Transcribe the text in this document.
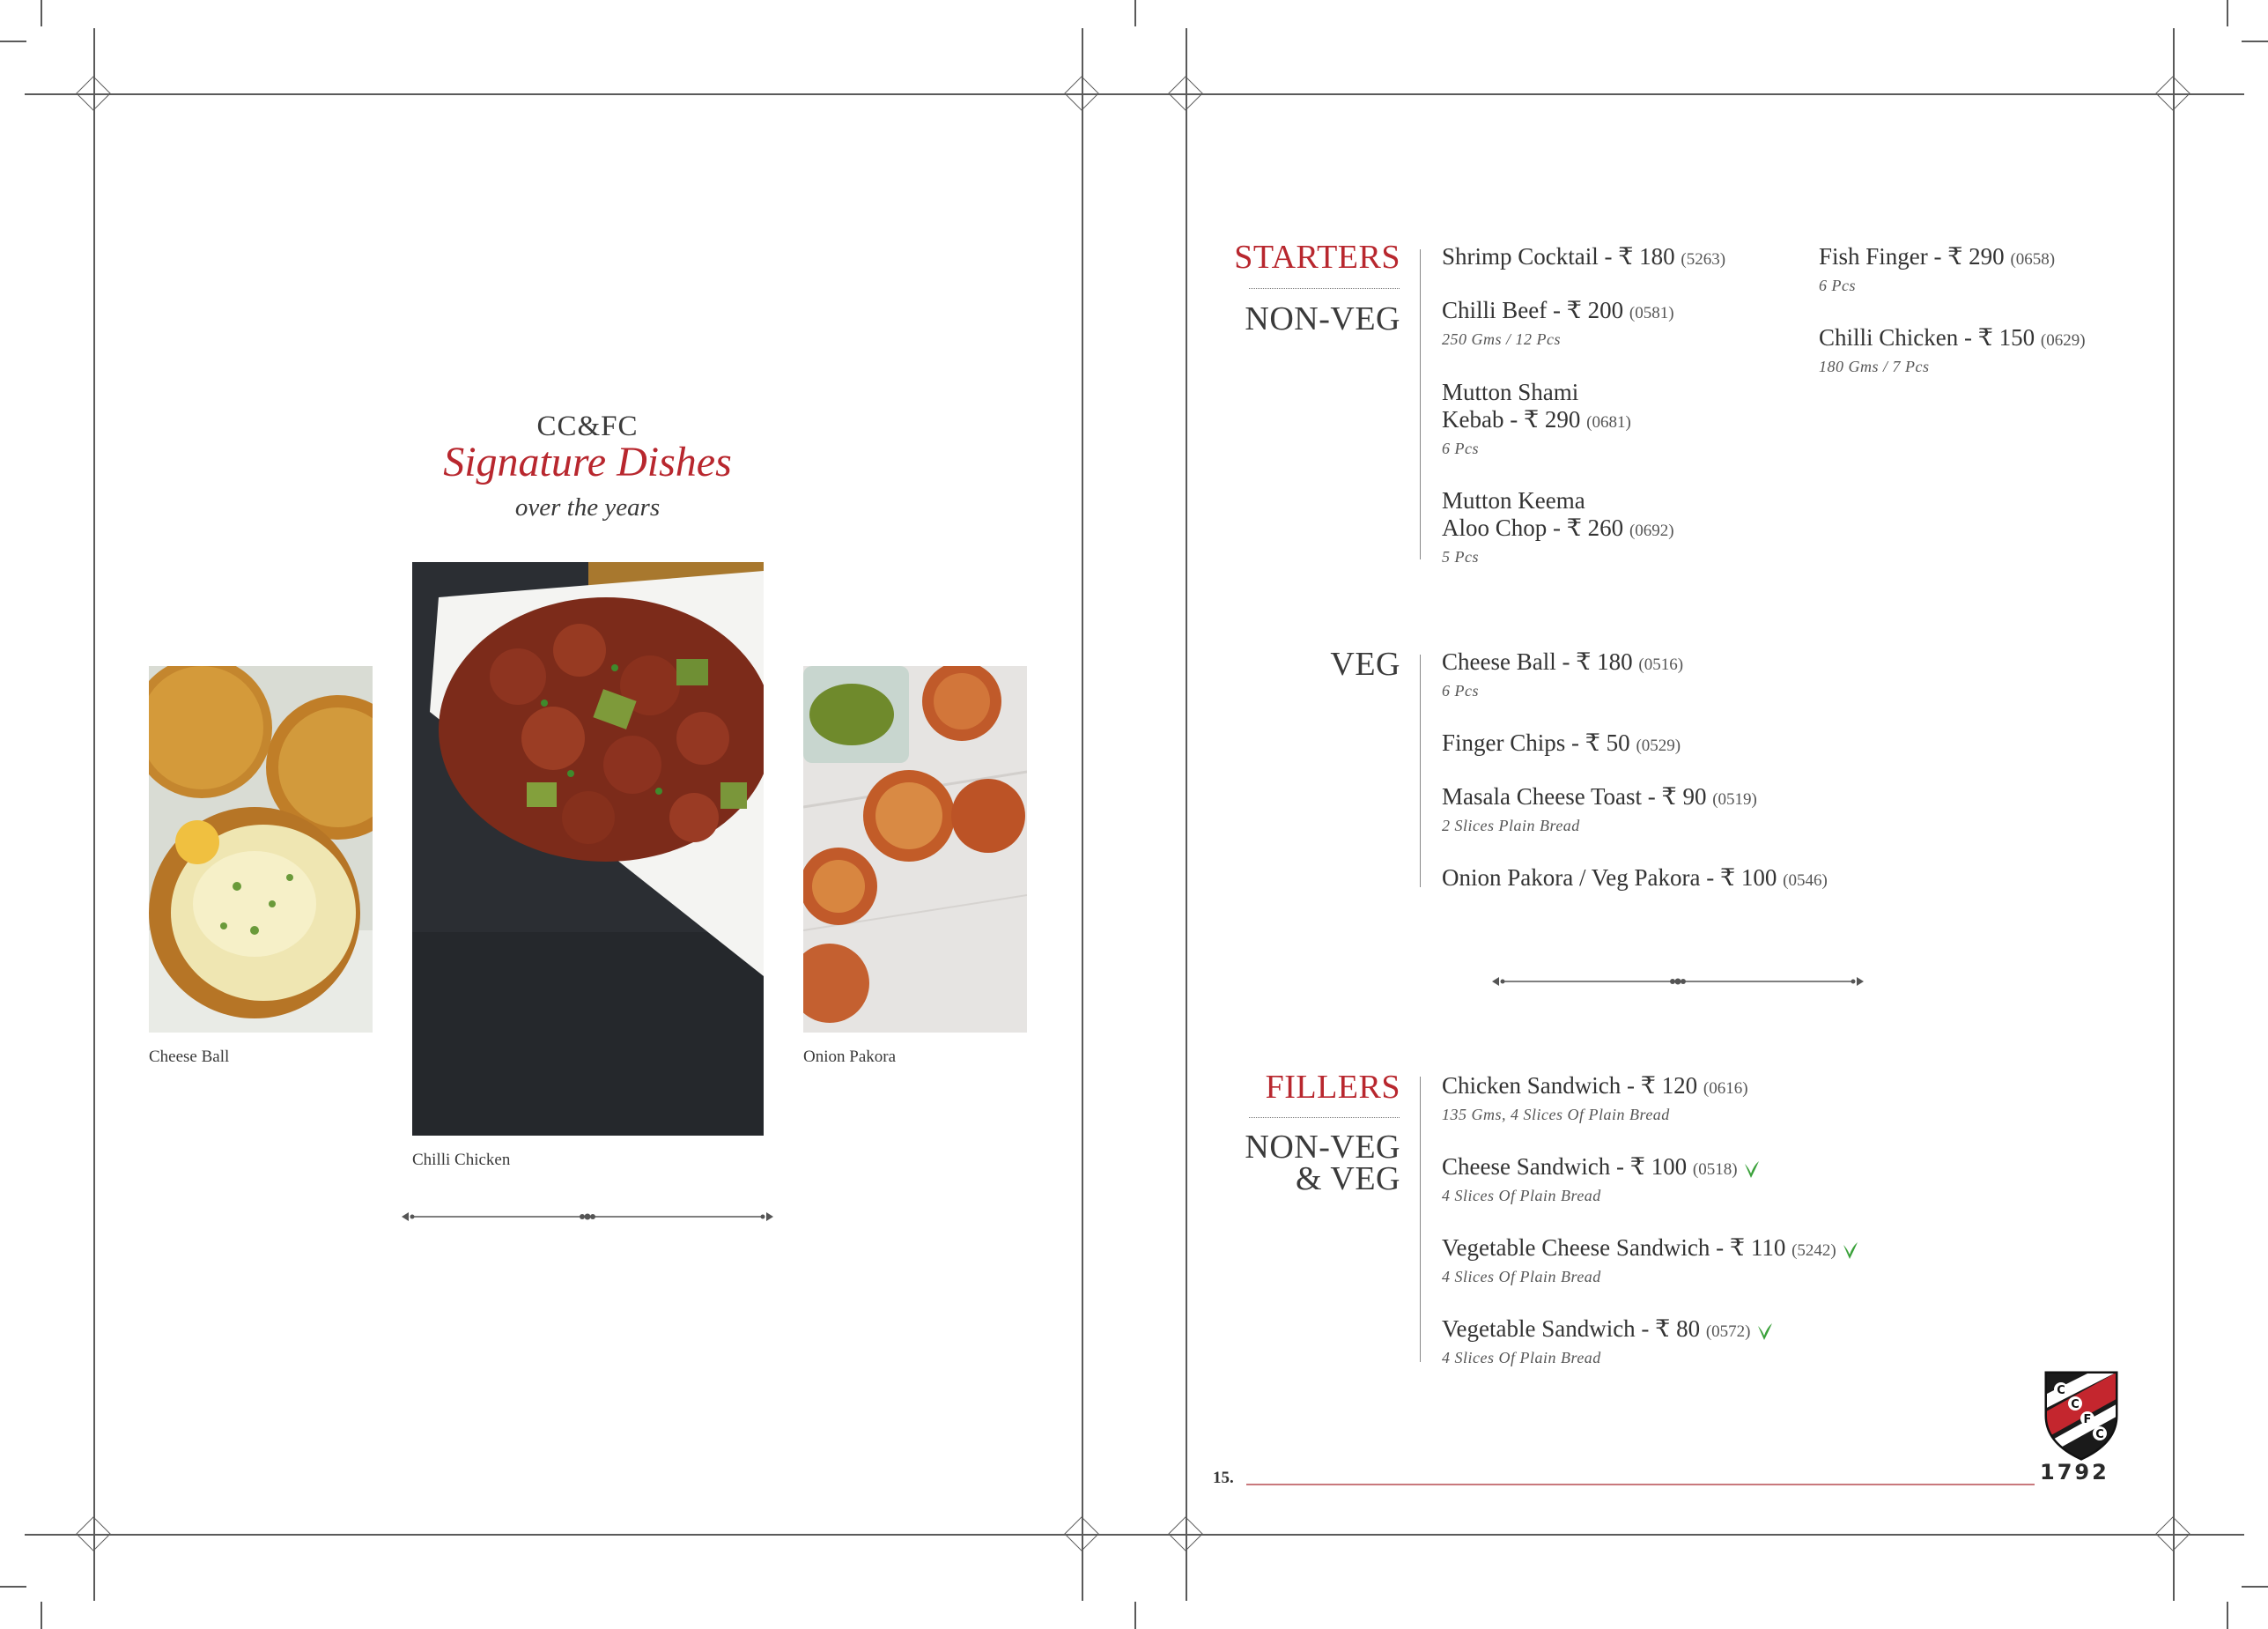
CC&FC
Signature Dishes
over the years
Cheese Ball
Chilli Chicken
Onion Pakora
STARTERS
NON-VEG
Shrimp Cocktail - ₹ 180 (5263)
Chilli Beef - ₹ 200 (0581)
250 Gms / 12 Pcs
Mutton Shami
Kebab - ₹ 290 (0681)
6 Pcs
Mutton Keema
Aloo Chop - ₹ 260 (0692)
5 Pcs
Fish Finger - ₹ 290 (0658)
6 Pcs
Chilli Chicken - ₹ 150 (0629)
180 Gms / 7 Pcs
VEG Cheese Ball - ₹ 180 (0516)
6 Pcs
Finger Chips - ₹ 50 (0529)
Masala Cheese Toast - ₹ 90 (0519)
2 Slices Plain Bread
Onion Pakora / Veg Pakora - ₹ 100 (0546)
FILLERS
NON-VEG
& VEG
Chicken Sandwich - ₹ 120 (0616)
135 Gms, 4 Slices Of Plain Bread
Cheese Sandwich - ₹ 100 (0518)
4 Slices Of Plain Bread
Vegetable Cheese Sandwich - ₹ 110 (5242)
4 Slices Of Plain Bread
Vegetable Sandwich - ₹ 80 (0572)
4 Slices Of Plain Bread
15.
C
C
F
C
1792
